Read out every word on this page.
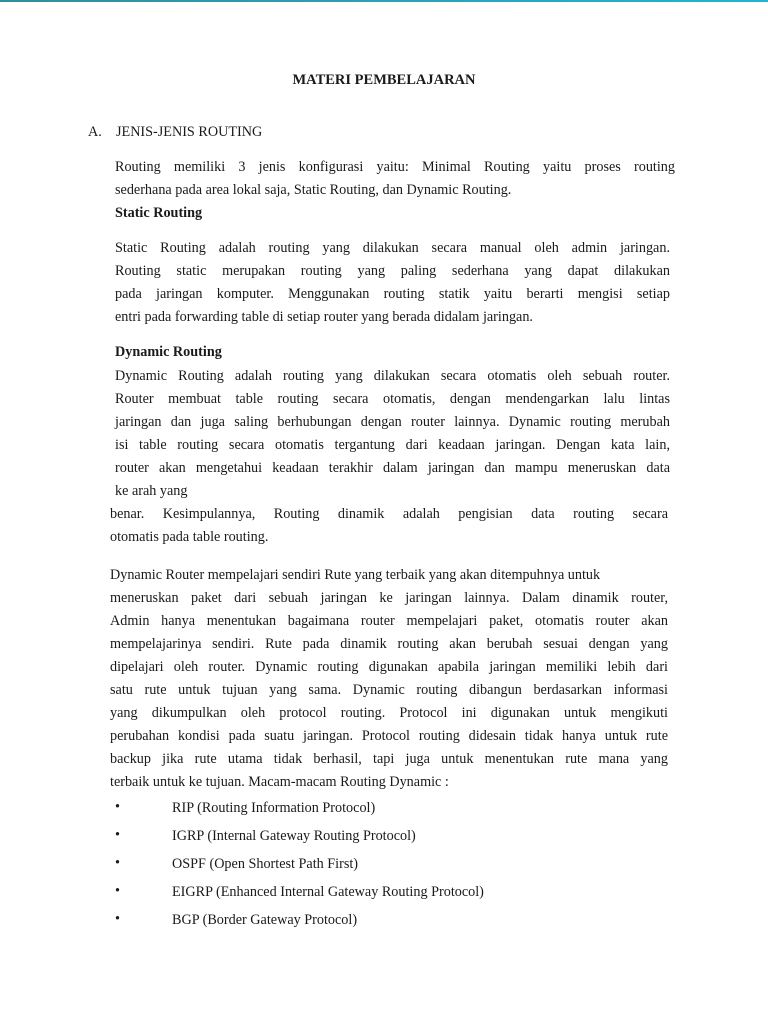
MATERI PEMBELAJARAN
A. JENIS-JENIS ROUTING
Routing memiliki 3 jenis konfigurasi yaitu: Minimal Routing yaitu proses routing
sederhana pada area lokal saja, Static Routing, dan Dynamic Routing.
Static Routing
Static Routing adalah routing yang dilakukan secara manual oleh admin jaringan.
Routing static merupakan routing yang paling sederhana yang dapat dilakukan
pada jaringan komputer. Menggunakan routing statik yaitu berarti mengisi setiap
entri pada forwarding table di setiap router yang berada didalam jaringan.
Dynamic Routing
Dynamic Routing adalah routing yang dilakukan secara otomatis oleh sebuah router.
Router membuat table routing secara otomatis, dengan mendengarkan lalu lintas
jaringan dan juga saling berhubungan dengan router lainnya. Dynamic routing merubah
isi table routing secara otomatis tergantung dari keadaan jaringan. Dengan kata lain,
router akan mengetahui keadaan terakhir dalam jaringan dan mampu meneruskan data
ke arah yang
benar. Kesimpulannya, Routing dinamik adalah pengisian data routing secara
otomatis pada table routing.
Dynamic Router mempelajari sendiri Rute yang terbaik yang akan ditempuhnya untuk
meneruskan paket dari sebuah jaringan ke jaringan lainnya. Dalam dinamik router,
Admin hanya menentukan bagaimana router mempelajari paket, otomatis router akan
mempelajarinya sendiri. Rute pada dinamik routing akan berubah sesuai dengan yang
dipelajari oleh router. Dynamic routing digunakan apabila jaringan memiliki lebih dari
satu rute untuk tujuan yang sama. Dynamic routing dibangun berdasarkan informasi
yang dikumpulkan oleh protocol routing. Protocol ini digunakan untuk mengikuti
perubahan kondisi pada suatu jaringan. Protocol routing didesain tidak hanya untuk rute
backup jika rute utama tidak berhasil, tapi juga untuk menentukan rute mana yang
terbaik untuk ke tujuan. Macam-macam Routing Dynamic :
•	RIP (Routing Information Protocol)
•	IGRP (Internal Gateway Routing Protocol)
•	OSPF (Open Shortest Path First)
•	EIGRP (Enhanced Internal Gateway Routing Protocol)
•	BGP (Border Gateway Protocol)
